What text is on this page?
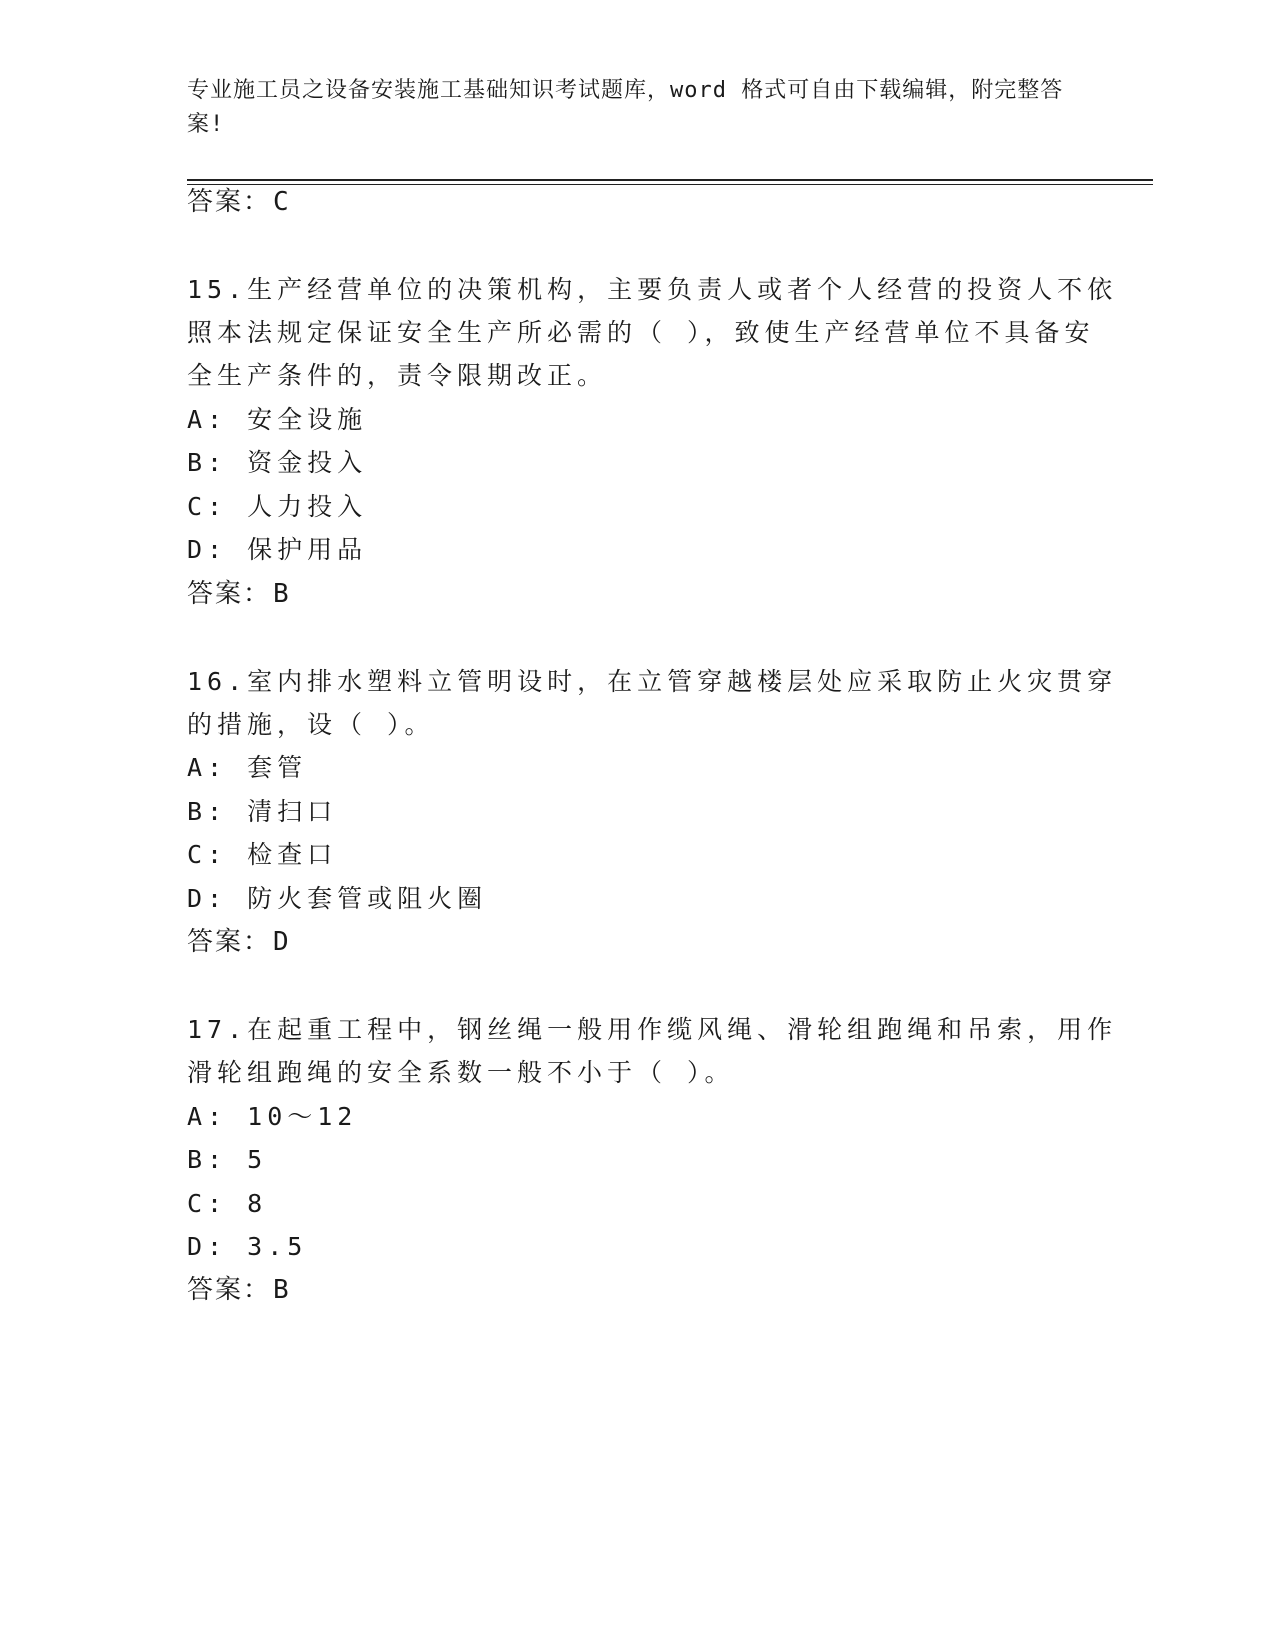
专业施工员之设备安装施工基础知识考试题库，word 格式可自由下载编辑，附完整答案!
答案：C
15.生产经营单位的决策机构，主要负责人或者个人经营的投资人不依
照本法规定保证安全生产所必需的（ ），致使生产经营单位不具备安
全生产条件的，责令限期改正。
A: 安全设施
B: 资金投入
C: 人力投入
D: 保护用品
答案：B
16.室内排水塑料立管明设时，在立管穿越楼层处应采取防止火灾贯穿
的措施，设（ ）。
A: 套管
B: 清扫口
C: 检查口
D: 防火套管或阻火圈
答案：D
17.在起重工程中，钢丝绳一般用作缆风绳、滑轮组跑绳和吊索，用作
滑轮组跑绳的安全系数一般不小于（ ）。
A: 10～12
B: 5
C: 8
D: 3.5
答案：B
